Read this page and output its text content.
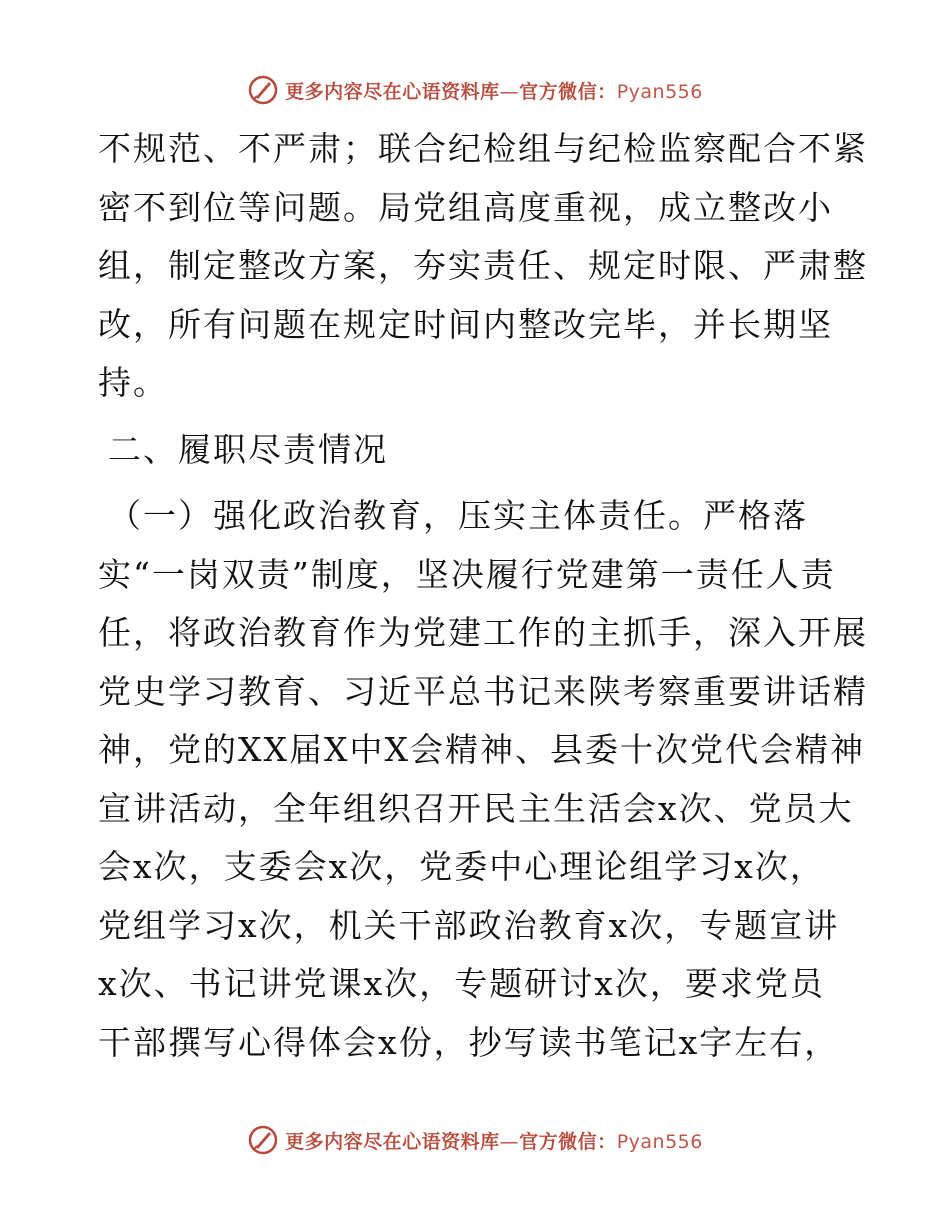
更多内容尽在心语资料库—官方微信：Pyan556
不规范、不严肃；联合纪检组与纪检监察配合不紧
密不到位等问题。局党组高度重视，成立整改小
组，制定整改方案，夯实责任、规定时限、严肃整
改，所有问题在规定时间内整改完毕，并长期坚
持。
二、履职尽责情况
（一）强化政治教育，压实主体责任。严格落
实“一岗双责”制度，坚决履行党建第一责任人责
任，将政治教育作为党建工作的主抓手，深入开展
党史学习教育、习近平总书记来陕考察重要讲话精
神，党的XX届X中X会精神、县委十次党代会精神
宣讲活动，全年组织召开民主生活会x次、党员大
会x次，支委会x次，党委中心理论组学习x次，
党组学习x次，机关干部政治教育x次，专题宣讲
x次、书记讲党课x次，专题研讨x次，要求党员
干部撰写心得体会x份，抄写读书笔记x字左右，
更多内容尽在心语资料库—官方微信：Pyan556
